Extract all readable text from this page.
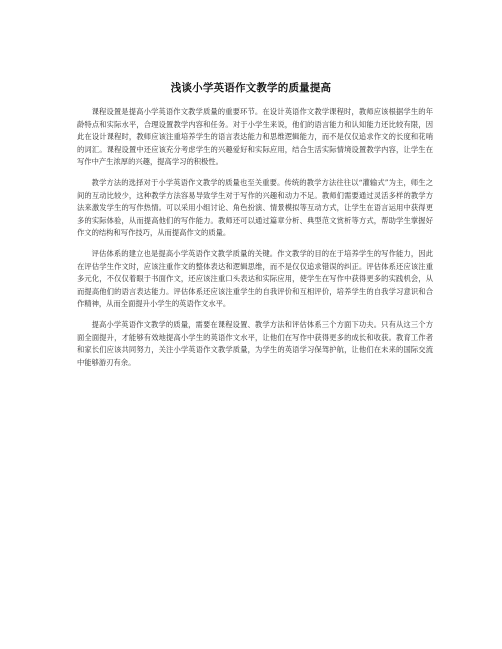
浅谈小学英语作文教学的质量提高

课程设置是提高小学英语作文教学质量的重要环节。在设计英语作文教学课程时，教师应该根据学生的年龄特点和实际水平，合理设置教学内容和任务。对于小学生来说，他们的语言能力和认知能力还比较有限，因此在设计课程时，教师应该注重培养学生的语言表达能力和思维逻辑能力，而不是仅仅追求作文的长度和花哨的词汇。课程设置中还应该充分考虑学生的兴趣爱好和实际应用，结合生活实际情境设置教学内容，让学生在写作中产生浓厚的兴趣，提高学习的积极性。

教学方法的选择对于小学英语作文教学的质量也至关重要。传统的教学方法往往以“灌输式”为主，师生之间的互动比较少，这种教学方法容易导致学生对于写作的兴趣和动力不足。教师们需要通过灵活多样的教学方法来激发学生的写作热情。可以采用小组讨论、角色扮演、情景模拟等互动方式，让学生在语言运用中获得更多的实际体验，从而提高他们的写作能力。教师还可以通过篇章分析、典型范文赏析等方式，帮助学生掌握好作文的结构和写作技巧，从而提高作文的质量。

评估体系的建立也是提高小学英语作文教学质量的关键。作文教学的目的在于培养学生的写作能力，因此在评估学生作文时，应该注重作文的整体表达和逻辑思维，而不是仅仅追求错误的纠正。评估体系还应该注重多元化，不仅仅着眼于书面作文，还应该注重口头表达和实际应用，使学生在写作中获得更多的实践机会，从而提高他们的语言表达能力。评估体系还应该注重学生的自我评价和互相评价，培养学生的自我学习意识和合作精神，从而全面提升小学生的英语作文水平。

提高小学英语作文教学的质量，需要在课程设置、教学方法和评估体系三个方面下功夫。只有从这三个方面全面提升，才能够有效地提高小学生的英语作文水平，让他们在写作中获得更多的成长和收获。教育工作者和家长们应该共同努力，关注小学英语作文教学质量，为学生的英语学习保驾护航，让他们在未来的国际交流中能够游刃有余。
